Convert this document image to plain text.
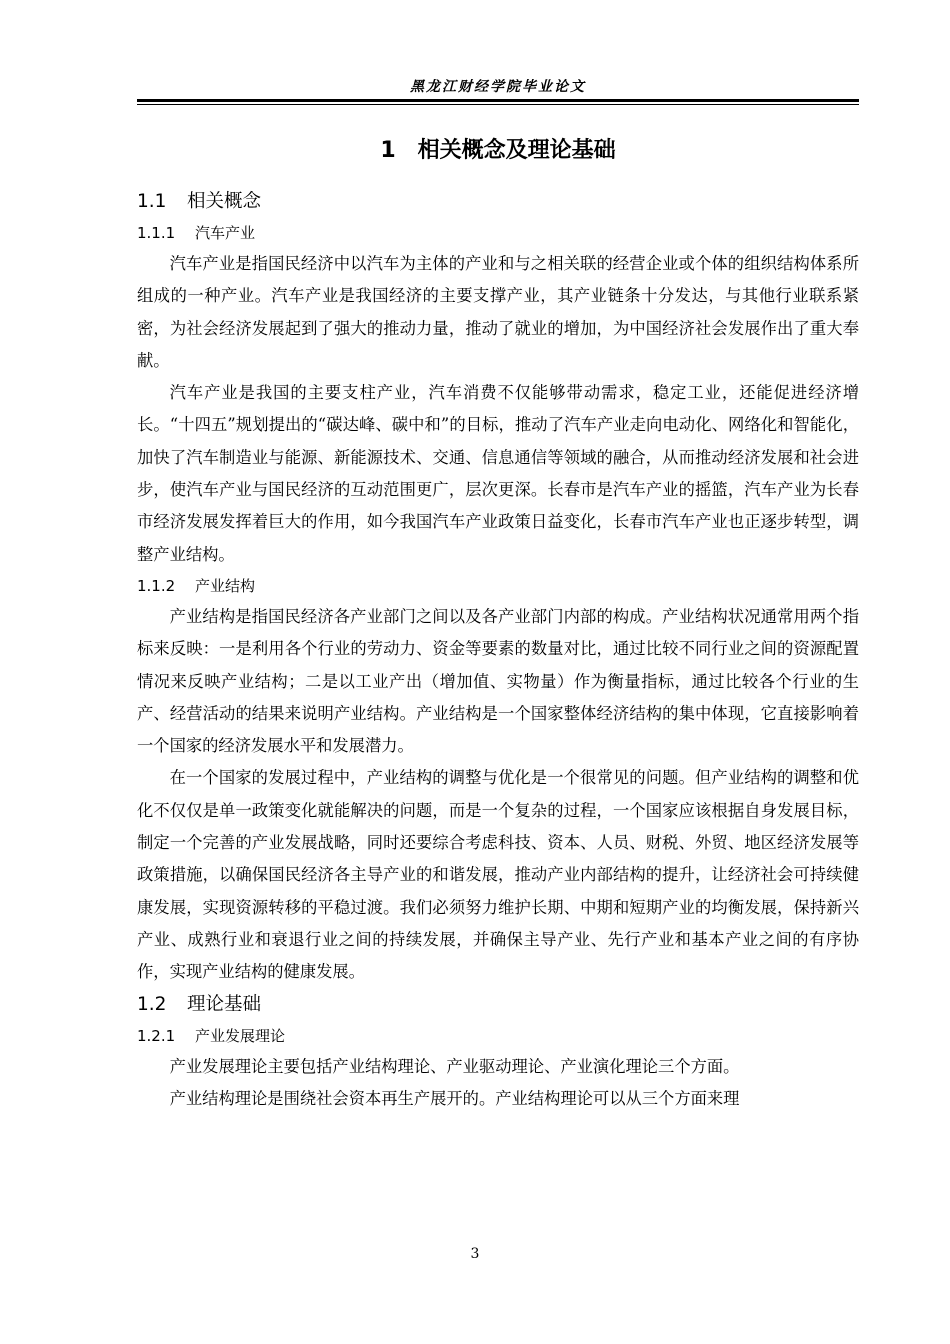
黑龙江财经学院毕业论文
1 相关概念及理论基础
1.1 相关概念
1.1.1 汽车产业

汽车产业是指国民经济中以汽车为主体的产业和与之相关联的经营企业或个体的组织结构体系所组成的一种产业。汽车产业是我国经济的主要支撑产业，其产业链条十分发达，与其他行业联系紧密，为社会经济发展起到了强大的推动力量，推动了就业的增加，为中国经济社会发展作出了重大奉献。

汽车产业是我国的主要支柱产业，汽车消费不仅能够带动需求，稳定工业，还能促进经济增长。“十四五”规划提出的“碳达峰、碳中和”的目标，推动了汽车产业走向电动化、网络化和智能化，加快了汽车制造业与能源、新能源技术、交通、信息通信等领域的融合，从而推动经济发展和社会进步，使汽车产业与国民经济的互动范围更广，层次更深。长春市是汽车产业的摇篮，汽车产业为长春市经济发展发挥着巨大的作用，如今我国汽车产业政策日益变化，长春市汽车产业也正逐步转型，调整产业结构。

1.1.2 产业结构

产业结构是指国民经济各产业部门之间以及各产业部门内部的构成。产业结构状况通常用两个指标来反映：一是利用各个行业的劳动力、资金等要素的数量对比，通过比较不同行业之间的资源配置情况来反映产业结构；二是以工业产出（增加值、实物量）作为衡量指标，通过比较各个行业的生产、经营活动的结果来说明产业结构。产业结构是一个国家整体经济结构的集中体现，它直接影响着一个国家的经济发展水平和发展潜力。

在一个国家的发展过程中，产业结构的调整与优化是一个很常见的问题。但产业结构的调整和优化不仅仅是单一政策变化就能解决的问题，而是一个复杂的过程，一个国家应该根据自身发展目标，制定一个完善的产业发展战略，同时还要综合考虑科技、资本、人员、财税、外贸、地区经济发展等政策措施，以确保国民经济各主导产业的和谐发展，推动产业内部结构的提升，让经济社会可持续健康发展，实现资源转移的平稳过渡。我们必须努力维护长期、中期和短期产业的均衡发展，保持新兴产业、成熟行业和衰退行业之间的持续发展，并确保主导产业、先行产业和基本产业之间的有序协作，实现产业结构的健康发展。

1.2 理论基础
1.2.1 产业发展理论

产业发展理论主要包括产业结构理论、产业驱动理论、产业演化理论三个方面。

产业结构理论是围绕社会资本再生产展开的。产业结构理论可以从三个方面来理

3
